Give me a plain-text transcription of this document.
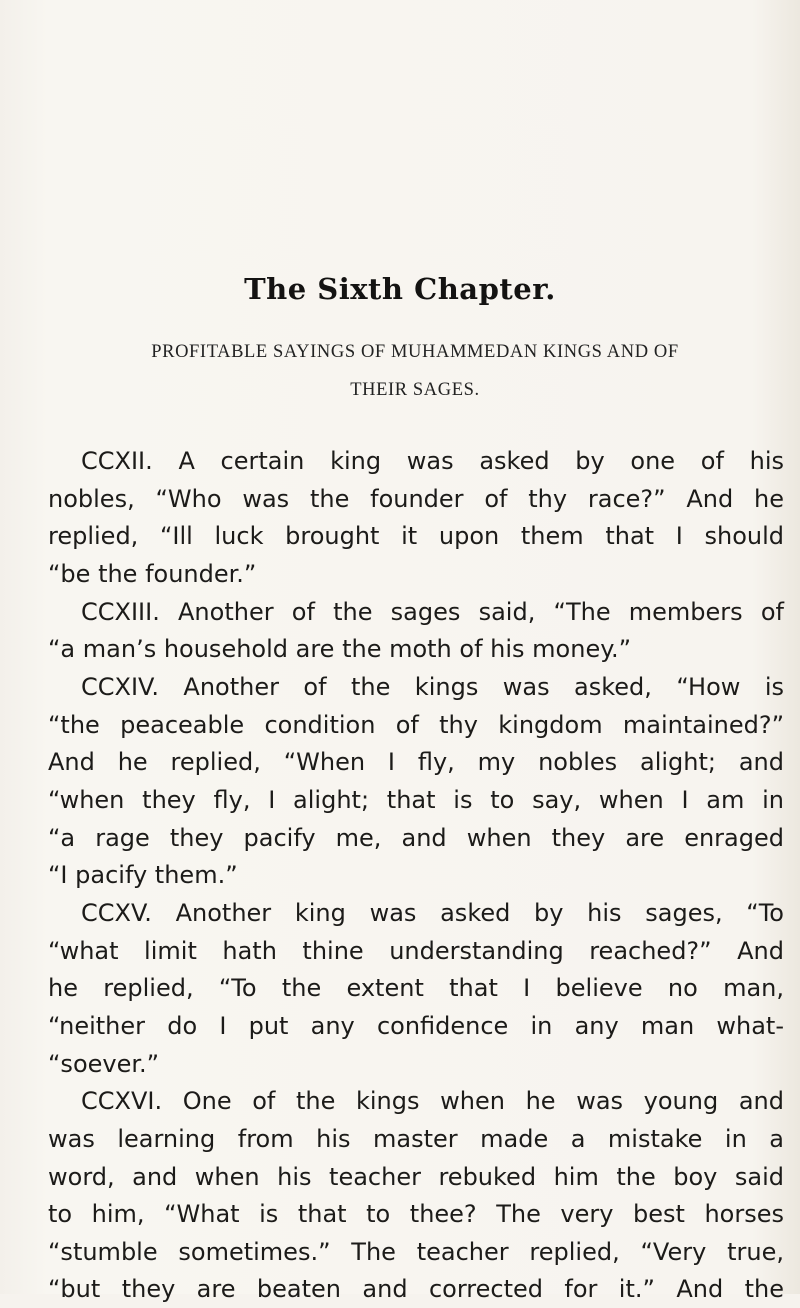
The Sixth Chapter.
PROFITABLE SAYINGS OF MUHAMMEDAN KINGS AND OF
THEIR SAGES.
CCXII. A certain king was asked by one of his
nobles, “Who was the founder of thy race?” And he
replied, “Ill luck brought it upon them that I should
“be the founder.”
CCXIII. Another of the sages said, “The members of
“a man’s household are the moth of his money.”
CCXIV. Another of the kings was asked, “How is
“the peaceable condition of thy kingdom maintained?”
And he replied, “When I fly, my nobles alight; and
“when they fly, I alight; that is to say, when I am in
“a rage they pacify me, and when they are enraged
“I pacify them.”
CCXV. Another king was asked by his sages, “To
“what limit hath thine understanding reached?” And
he replied, “To the extent that I believe no man,
“neither do I put any confidence in any man what-
“soever.”
CCXVI. One of the kings when he was young and
was learning from his master made a mistake in a
word, and when his teacher rebuked him the boy said
to him, “What is that to thee? The very best horses
“stumble sometimes.” The teacher replied, “Very true,
“but they are beaten and corrected for it.” And the
